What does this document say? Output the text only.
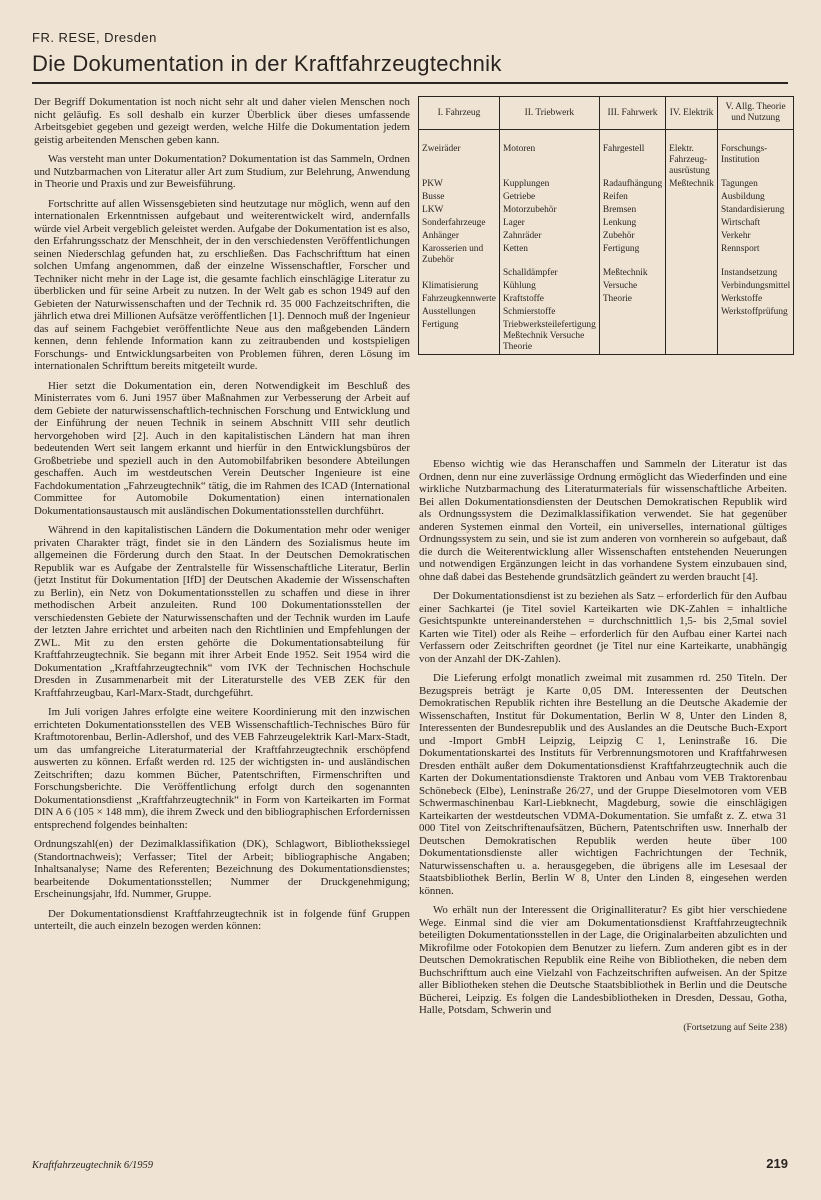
FR. RESE, Dresden
Die Dokumentation in der Kraftfahrzeugtechnik

Der Begriff Dokumentation ist noch nicht sehr alt und daher vielen Menschen noch nicht geläufig. Es soll deshalb ein kurzer Überblick über dieses umfassende Arbeitsgebiet gegeben und gezeigt werden, welche Hilfe die Dokumentation jedem geistig arbeitenden Menschen geben kann.

Was versteht man unter Dokumentation? Dokumentation ist das Sammeln, Ordnen und Nutzbarmachen von Literatur aller Art zum Studium, zur Belehrung, Anwendung in Theorie und Praxis und zur Beweisführung.

Fortschritte auf allen Wissensgebieten sind heutzutage nur möglich, wenn auf den internationalen Erkenntnissen aufgebaut und weiterentwickelt wird, andernfalls würde viel Arbeit vergeblich geleistet werden. Aufgabe der Dokumentation ist es also, den Erfahrungsschatz der Menschheit, der in den verschiedensten Veröffentlichungen seinen Niederschlag gefunden hat, zu erschließen. Das Fachschrifttum hat einen solchen Umfang angenommen, daß der einzelne Wissenschaftler, Forscher und Techniker nicht mehr in der Lage ist, die gesamte fachlich einschlägige Literatur zu überblicken und für seine Arbeit zu nutzen. In der Welt gab es schon 1949 auf den Gebieten der Naturwissenschaften und der Technik rd. 35 000 Fachzeitschriften, die jährlich etwa drei Millionen Aufsätze veröffentlichen [1]. Dennoch muß der Ingenieur das auf seinem Fachgebiet veröffentlichte Neue aus den maßgebenden Ländern kennen, denn fehlende Information kann zu zeitraubenden und kostspieligen Forschungs- und Entwicklungsarbeiten von Problemen führen, deren Lösung im internationalen Schrifttum bereits mitgeteilt wurde.

Hier setzt die Dokumentation ein, deren Notwendigkeit im Beschluß des Ministerrates vom 6. Juni 1957 über Maßnahmen zur Verbesserung der Arbeit auf dem Gebiete der naturwissenschaftlich-technischen Forschung und Entwicklung und der Einführung der neuen Technik in seinem Abschnitt VIII sehr deutlich hervorgehoben wird [2]. Auch in den kapitalistischen Ländern hat man ihren bedeutenden Wert seit langem erkannt und hierfür in den Entwicklungsbüros der Großbetriebe und speziell auch in den Automobilfabriken besondere Abteilungen geschaffen. Auch im westdeutschen Verein Deutscher Ingenieure ist eine Fachdokumentation „Fahrzeugtechnik“ tätig, die im Rahmen des ICAD (International Committee for Automobile Dokumentation) einen internationalen Dokumentationsaustausch mit ausländischen Dokumentationsstellen durchführt.

Während in den kapitalistischen Ländern die Dokumentation mehr oder weniger privaten Charakter trägt, findet sie in den Ländern des Sozialismus heute im allgemeinen die Förderung durch den Staat. In der Deutschen Demokratischen Republik war es Aufgabe der Zentralstelle für Wissenschaftliche Literatur, Berlin (jetzt Institut für Dokumentation [IfD] der Deutschen Akademie der Wissenschaften zu Berlin), ein Netz von Dokumentationsstellen zu schaffen und diese in ihrer methodischen Arbeit anzuleiten. Rund 100 Dokumentationsstellen der verschiedensten Gebiete der Naturwissenschaften und der Technik wurden im Laufe der letzten Jahre errichtet und arbeiten nach den Richtlinien und Empfehlungen der ZWL. Mit zu den ersten gehörte die Dokumentationsabteilung für Kraftfahrzeugtechnik. Sie begann mit ihrer Arbeit Ende 1952. Seit 1954 wird die Dokumentation „Kraftfahrzeugtechnik“ vom IVK der Technischen Hochschule Dresden in Zusammenarbeit mit der Literaturstelle des VEB ZEK für den Kraftfahrzeugbau, Karl-Marx-Stadt, durchgeführt.

Im Juli vorigen Jahres erfolgte eine weitere Koordinierung mit den inzwischen errichteten Dokumentationsstellen des VEB Wissenschaftlich-Technisches Büro für Kraftmotorenbau, Berlin-Adlershof, und des VEB Fahrzeugelektrik Karl-Marx-Stadt, um das umfangreiche Literaturmaterial der Kraftfahrzeugtechnik erschöpfend auswerten zu können. Erfaßt werden rd. 125 der wichtigsten in- und ausländischen Zeitschriften; dazu kommen Bücher, Patentschriften, Firmenschriften und Forschungsberichte. Die Veröffentlichung erfolgt durch den sogenannten Dokumentationsdienst „Kraftfahrzeugtechnik“ in Form von Karteikarten im Format DIN A 6 (105 × 148 mm), die ihrem Zweck und den bibliographischen Erfordernissen entsprechend folgendes beinhalten:

Ordnungszahl(en) der Dezimalklassifikation (DK), Schlagwort, Bibliothekssiegel (Standortnachweis); Verfasser; Titel der Arbeit; bibliographische Angaben; Inhaltsanalyse; Name des Referenten; Bezeichnung des Dokumentationsdienstes; bearbeitende Dokumentationsstellen; Nummer der Druckgenehmigung; Erscheinungsjahr, lfd. Nummer, Gruppe.

Der Dokumentationsdienst Kraftfahrzeugtechnik ist in folgende fünf Gruppen unterteilt, die auch einzeln bezogen werden können:

I. Fahrzeug	II. Triebwerk	III. Fahrwerk	IV. Elektrik	V. Allg. Theorie und Nutzung
Zweiräder	Motoren	Fahrgestell	Elektr. Fahrzeug-ausrüstung	Forschungs-Institution
PKW	Kupplungen	Radaufhängung	Meßtechnik	Tagungen
Busse	Getriebe	Reifen		Ausbildung
LKW	Motorzubehör	Bremsen		Standardisierung
Sonderfahrzeuge	Lager	Lenkung		Wirtschaft
Anhänger	Zahnräder	Zubehör		Verkehr
Karosserien und Zubehör	Ketten	Fertigung		Rennsport
	Schalldämpfer	Meßtechnik		Instandsetzung
Klimatisierung	Kühlung	Versuche		Verbindungsmittel
Fahrzeugkennwerte	Kraftstoffe	Theorie		Werkstoffe
Ausstellungen	Schmierstoffe			Werkstoffprüfung
Fertigung	Triebwerksteilefertigung Meßtechnik Versuche Theorie			

Ebenso wichtig wie das Heranschaffen und Sammeln der Literatur ist das Ordnen, denn nur eine zuverlässige Ordnung ermöglicht das Wiederfinden und eine wirkliche Nutzbarmachung des Literaturmaterials für wissenschaftliche Arbeiten. Bei allen Dokumentationsdiensten der Deutschen Demokratischen Republik wird als Ordnungssystem die Dezimalklassifikation verwendet. Sie hat gegenüber anderen Systemen einmal den Vorteil, ein universelles, international gültiges Ordnungssystem zu sein, und sie ist zum anderen von vornherein so aufgebaut, daß die durch die Weiterentwicklung aller Wissenschaften entstehenden Neuerungen und notwendigen Ergänzungen leicht in das vorhandene System einzubauen sind, ohne daß dabei das Bestehende grundsätzlich geändert zu werden braucht [4].

Der Dokumentationsdienst ist zu beziehen als Satz – erforderlich für den Aufbau einer Sachkartei (je Titel soviel Karteikarten wie DK-Zahlen = inhaltliche Gesichtspunkte untereinanderstehen = durchschnittlich 1,5- bis 2,5mal soviel Karten wie Titel) oder als Reihe – erforderlich für den Aufbau einer Kartei nach Verfassern oder Zeitschriften geordnet (je Titel nur eine Karteikarte, unabhängig von der Anzahl der DK-Zahlen).

Die Lieferung erfolgt monatlich zweimal mit zusammen rd. 250 Titeln. Der Bezugspreis beträgt je Karte 0,05 DM. Interessenten der Deutschen Demokratischen Republik richten ihre Bestellung an die Deutsche Akademie der Wissenschaften, Institut für Dokumentation, Berlin W 8, Unter den Linden 8, Interessenten der Bundesrepublik und des Auslandes an die Deutsche Buch-Export und -Import GmbH Leipzig, Leipzig C 1, Leninstraße 16. Die Dokumentationskartei des Instituts für Verbrennungsmotoren und Kraftfahrwesen Dresden enthält außer dem Dokumentationsdienst Kraftfahrzeugtechnik auch die Karten der Dokumentationsdienste Traktoren und Anbau vom VEB Traktorenbau Schönebeck (Elbe), Leninstraße 26/27, und der Gruppe Dieselmotoren vom VEB Schwermaschinenbau Karl-Liebknecht, Magdeburg, sowie die einschlägigen Karteikarten der westdeutschen VDMA-Dokumentation. Sie umfaßt z. Z. etwa 31 000 Titel von Zeitschriftenaufsätzen, Büchern, Patentschriften usw. Innerhalb der Deutschen Demokratischen Republik werden heute über 100 Dokumentationsdienste aller wichtigen Fachrichtungen der Technik, Naturwissenschaften u. a. herausgegeben, die übrigens alle im Lesesaal der Staatsbibliothek Berlin, Berlin W 8, Unter den Linden 8, eingesehen werden können.

Wo erhält nun der Interessent die Originalliteratur? Es gibt hier verschiedene Wege. Einmal sind die vier am Dokumentationsdienst Kraftfahrzeugtechnik beteiligten Dokumentationsstellen in der Lage, die Originalarbeiten abzulichten und Mikrofilme oder Fotokopien dem Benutzer zu liefern. Zum anderen gibt es in der Deutschen Demokratischen Republik eine Reihe von Bibliotheken, die neben dem Buchschrifttum auch eine Vielzahl von Fachzeitschriften aufweisen. An der Spitze aller Bibliotheken stehen die Deutsche Staatsbibliothek in Berlin und die Deutsche Bücherei, Leipzig. Es folgen die Landesbibliotheken in Dresden, Dessau, Gotha, Halle, Potsdam, Schwerin und

(Fortsetzung auf Seite 238)
Kraftfahrzeugtechnik 6/1959	219
